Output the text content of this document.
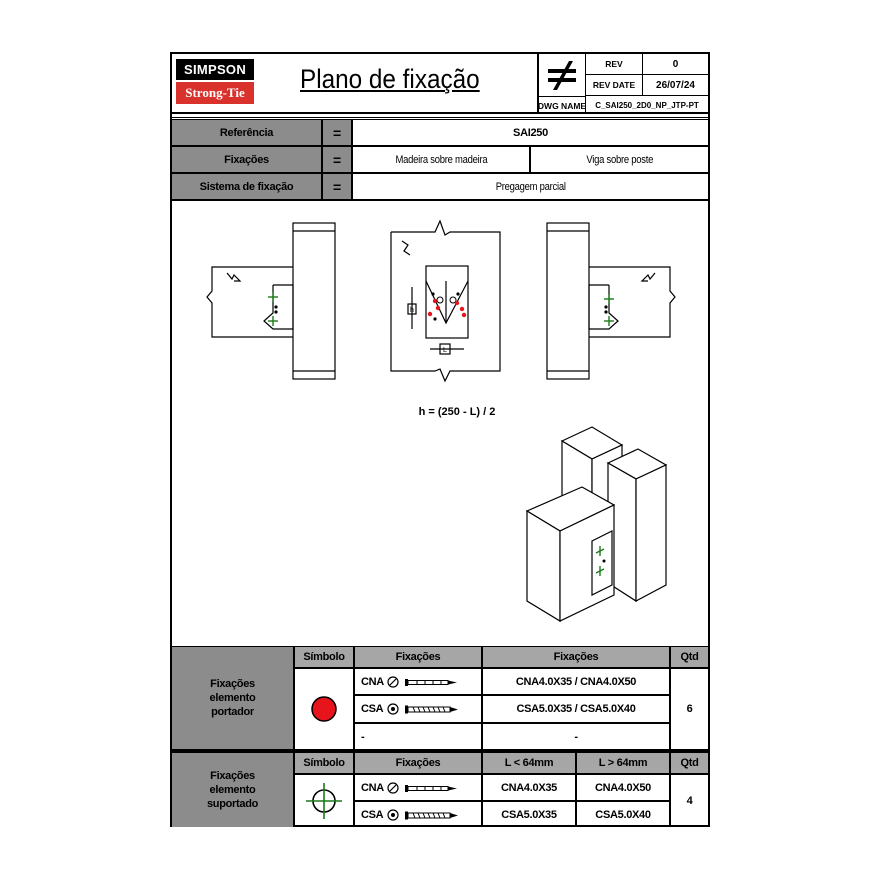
SIMPSON
Strong-Tie	Plano de fixação
DWG NAME
REV	0
REV DATE	26/07/24
C_SAI250_2D0_NP_JTP-PT
Referência	=	SAI250
Fixações	=	Madeira sobre madeira	Viga sobre poste
Sistema de fixação	=	Pregagem parcial
h
L
h = (250 - L) / 2
Fixações elemento portador
Símbolo	Fixações	Fixações	Qtd
CNA	CNA4.0X35 / CNA4.0X50
CSA	CSA5.0X35 / CSA5.0X40
-	-
6
Fixações elemento suportado
Símbolo	Fixações	L < 64mm	L > 64mm	Qtd
CNA	CNA4.0X35	CNA4.0X50
CSA	CSA5.0X35	CSA5.0X40
4
